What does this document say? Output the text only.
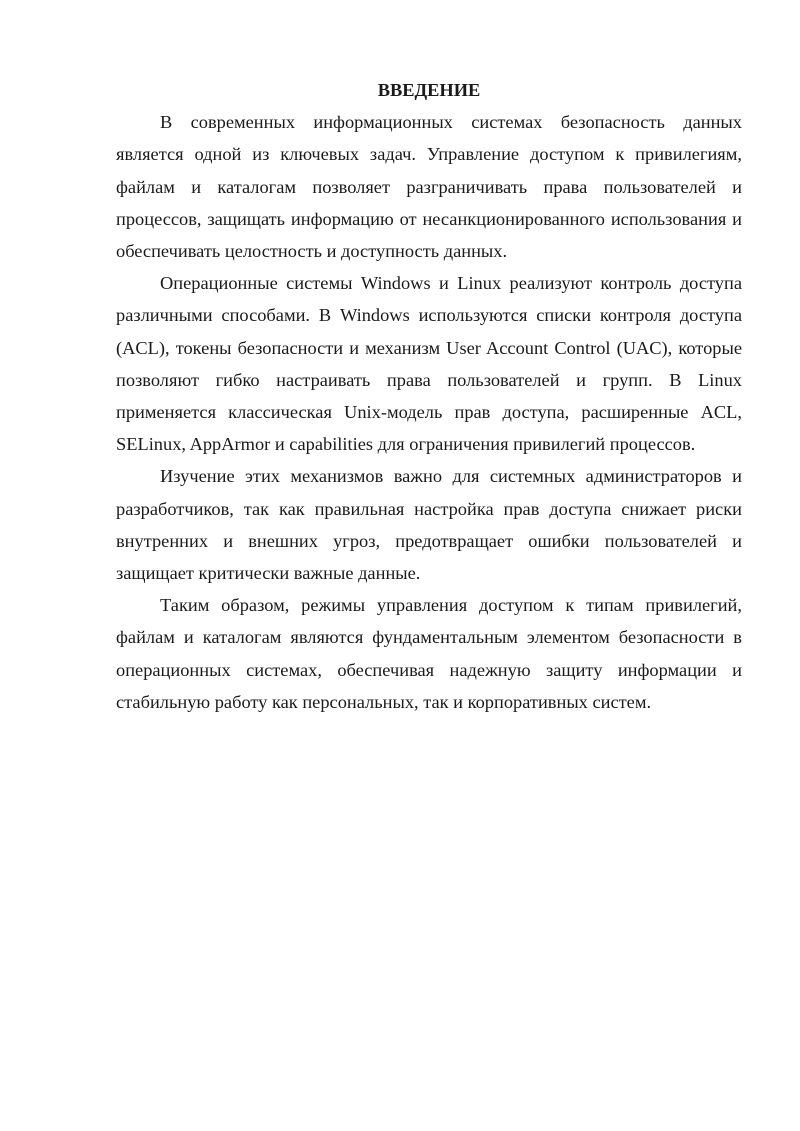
ВВЕДЕНИЕ

В современных информационных системах безопасность данных является одной из ключевых задач. Управление доступом к привилегиям, файлам и каталогам позволяет разграничивать права пользователей и процессов, защищать информацию от несанкционированного использования и обеспечивать целостность и доступность данных.

Операционные системы Windows и Linux реализуют контроль доступа различными способами. В Windows используются списки контроля доступа (ACL), токены безопасности и механизм User Account Control (UAC), которые позволяют гибко настраивать права пользователей и групп. В Linux применяется классическая Unix-модель прав доступа, расширенные ACL, SELinux, AppArmor и capabilities для ограничения привилегий процессов.

Изучение этих механизмов важно для системных администраторов и разработчиков, так как правильная настройка прав доступа снижает риски внутренних и внешних угроз, предотвращает ошибки пользователей и защищает критически важные данные.

Таким образом, режимы управления доступом к типам привилегий, файлам и каталогам являются фундаментальным элементом безопасности в операционных системах, обеспечивая надежную защиту информации и стабильную работу как персональных, так и корпоративных систем.
